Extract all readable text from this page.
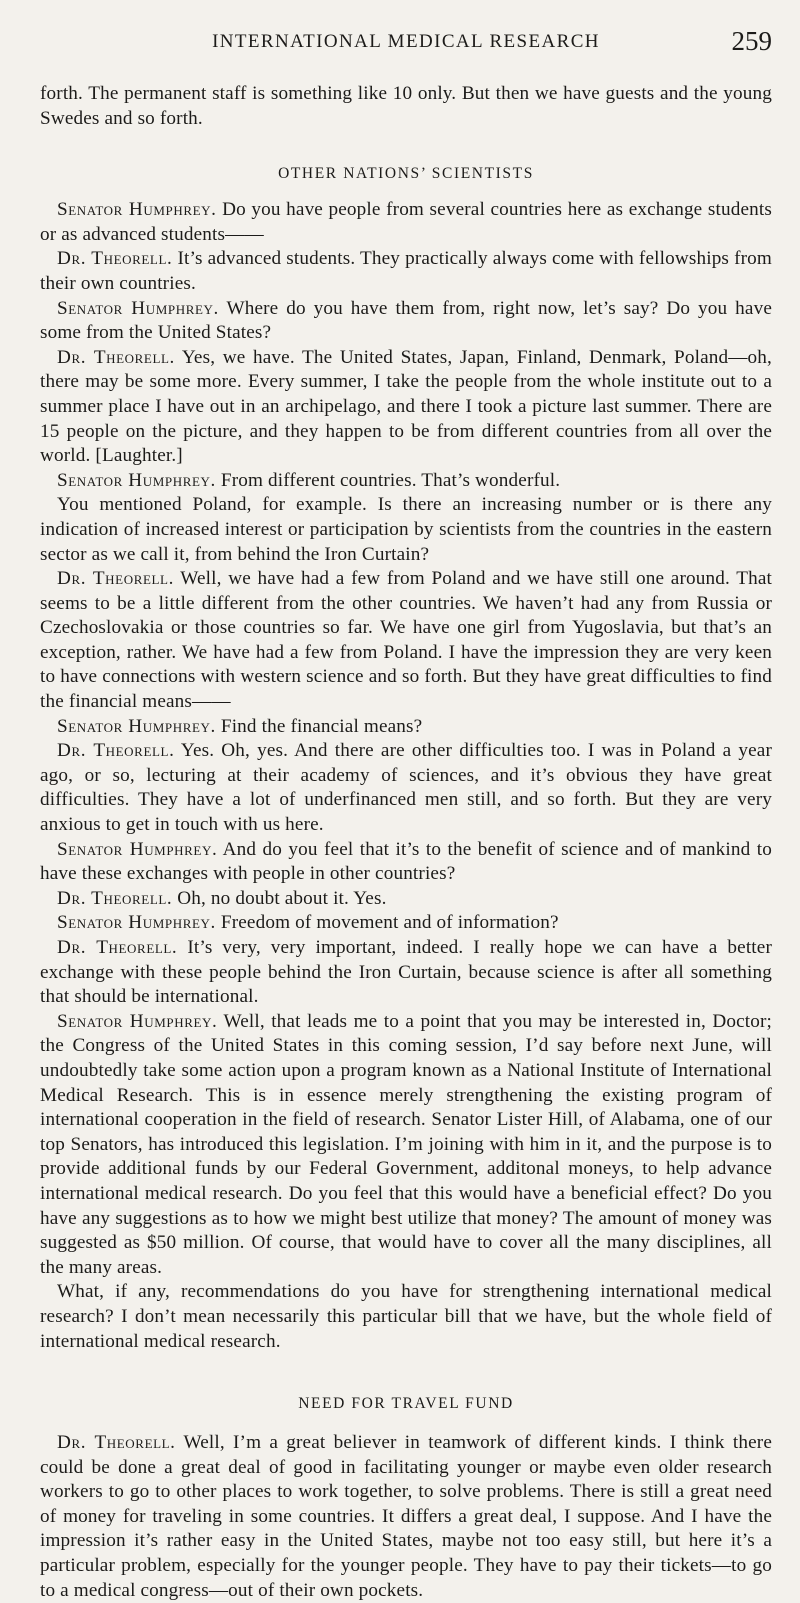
INTERNATIONAL MEDICAL RESEARCH	259

forth. The permanent staff is something like 10 only. But then we have guests and the young Swedes and so forth.

OTHER NATIONS’ SCIENTISTS

Senator Humphrey. Do you have people from several countries here as exchange students or as advanced students——

Dr. Theorell. It’s advanced students. They practically always come with fellowships from their own countries.

Senator Humphrey. Where do you have them from, right now, let’s say? Do you have some from the United States?

Dr. Theorell. Yes, we have. The United States, Japan, Finland, Denmark, Poland—oh, there may be some more. Every summer, I take the people from the whole institute out to a summer place I have out in an archipelago, and there I took a picture last summer. There are 15 people on the picture, and they happen to be from different countries from all over the world. [Laughter.]

Senator Humphrey. From different countries. That’s wonderful.

You mentioned Poland, for example. Is there an increasing number or is there any indication of increased interest or participation by scientists from the countries in the eastern sector as we call it, from behind the Iron Curtain?

Dr. Theorell. Well, we have had a few from Poland and we have still one around. That seems to be a little different from the other countries. We haven’t had any from Russia or Czechoslovakia or those countries so far. We have one girl from Yugoslavia, but that’s an exception, rather. We have had a few from Poland. I have the impression they are very keen to have connections with western science and so forth. But they have great difficulties to find the financial means——

Senator Humphrey. Find the financial means?

Dr. Theorell. Yes. Oh, yes. And there are other difficulties too. I was in Poland a year ago, or so, lecturing at their academy of sciences, and it’s obvious they have great difficulties. They have a lot of underfinanced men still, and so forth. But they are very anxious to get in touch with us here.

Senator Humphrey. And do you feel that it’s to the benefit of science and of mankind to have these exchanges with people in other countries?

Dr. Theorell. Oh, no doubt about it. Yes.

Senator Humphrey. Freedom of movement and of information?

Dr. Theorell. It’s very, very important, indeed. I really hope we can have a better exchange with these people behind the Iron Curtain, because science is after all something that should be international.

Senator Humphrey. Well, that leads me to a point that you may be interested in, Doctor; the Congress of the United States in this coming session, I’d say before next June, will undoubtedly take some action upon a program known as a National Institute of International Medical Research. This is in essence merely strengthening the existing program of international cooperation in the field of research. Senator Lister Hill, of Alabama, one of our top Senators, has introduced this legislation. I’m joining with him in it, and the purpose is to provide additional funds by our Federal Government, additonal moneys, to help advance international medical research. Do you feel that this would have a beneficial effect? Do you have any suggestions as to how we might best utilize that money? The amount of money was suggested as $50 million. Of course, that would have to cover all the many disciplines, all the many areas.

What, if any, recommendations do you have for strengthening international medical research? I don’t mean necessarily this particular bill that we have, but the whole field of international medical research.

NEED FOR TRAVEL FUND

Dr. Theorell. Well, I’m a great believer in teamwork of different kinds. I think there could be done a great deal of good in facilitating younger or maybe even older research workers to go to other places to work together, to solve problems. There is still a great need of money for traveling in some countries. It differs a great deal, I suppose. And I have the impression it’s rather easy in the United States, maybe not too easy still, but here it’s a particular problem, especially for the younger people. They have to pay their tickets—to go to a medical congress—out of their own pockets.
